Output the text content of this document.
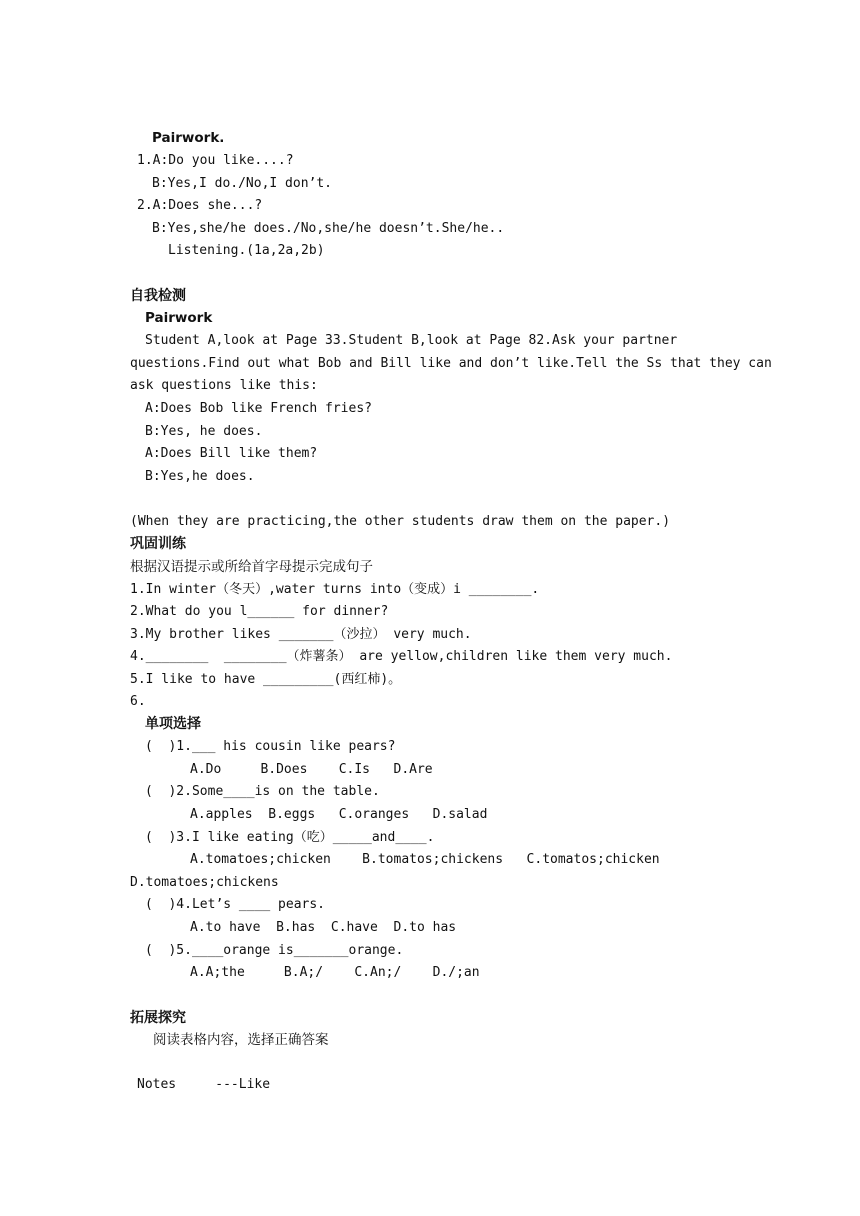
Pairwork.
1.A:Do you like....?
B:Yes,I do./No,I don’t.
2.A:Does she...?
B:Yes,she/he does./No,she/he doesn’t.She/he..
Listening.(1a,2a,2b)
自我检测
Pairwork
Student A,look at Page 33.Student B,look at Page 82.Ask your partner
questions.Find out what Bob and Bill like and don’t like.Tell the Ss that they can
ask questions like this:
A:Does Bob like French fries?
B:Yes, he does.
A:Does Bill like them?
B:Yes,he does.
(When they are practicing,the other students draw them on the paper.)
巩固训练
根据汉语提示或所给首字母提示完成句子
1.In winter（冬天）,water turns into（变成）i ________.
2.What do you l______ for dinner?
3.My brother likes _______（沙拉） very much.
4.________  ________（炸薯条） are yellow,children like them very much.
5.I like to have _________(西红柿)。
6.
单项选择
(  )1.___ his cousin like pears?
A.Do     B.Does    C.Is   D.Are
(  )2.Some____is on the table.
A.apples  B.eggs   C.oranges   D.salad
(  )3.I like eating（吃）_____and____.
A.tomatoes;chicken    B.tomatos;chickens   C.tomatos;chicken
D.tomatoes;chickens
(  )4.Let’s ____ pears.
A.to have  B.has  C.have  D.to has
(  )5.____orange is_______orange.
A.A;the     B.A;/    C.An;/    D./;an
拓展探究
阅读表格内容，选择正确答案
Notes     ---Like
